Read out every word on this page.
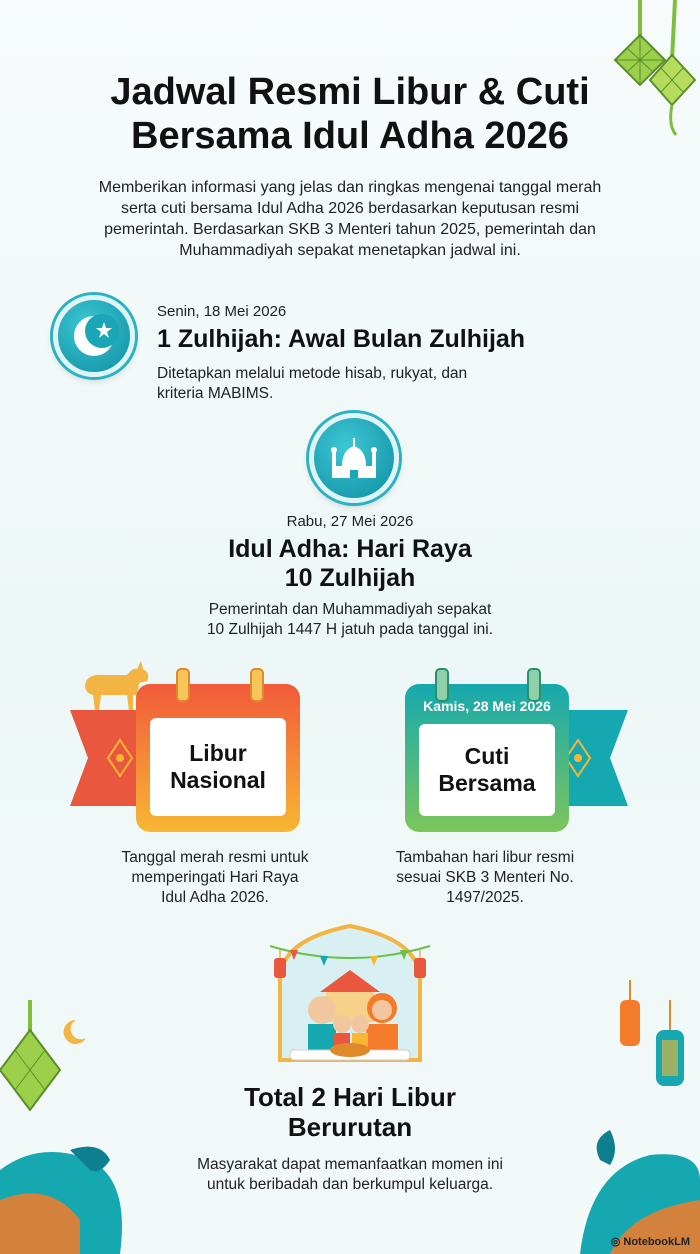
Jadwal Resmi Libur & Cuti
Bersama Idul Adha 2026
Memberikan informasi yang jelas dan ringkas mengenai tanggal merah
serta cuti bersama Idul Adha 2026 berdasarkan keputusan resmi
pemerintah. Berdasarkan SKB 3 Menteri tahun 2025, pemerintah dan
Muhammadiyah sepakat menetapkan jadwal ini.
Senin, 18 Mei 2026
1 Zulhijah: Awal Bulan Zulhijah
Ditetapkan melalui metode hisab, rukyat, dan
kriteria MABIMS.
Rabu, 27 Mei 2026
Idul Adha: Hari Raya
10 Zulhijah
Pemerintah dan Muhammadiyah sepakat
10 Zulhijah 1447 H jatuh pada tanggal ini.
Libur
Nasional
Tanggal merah resmi untuk
memperingati Hari Raya
Idul Adha 2026.
Kamis, 28 Mei 2026
Cuti
Bersama
Tambahan hari libur resmi
sesuai SKB 3 Menteri No.
1497/2025.
Total 2 Hari Libur
Berurutan
Masyarakat dapat memanfaatkan momen ini
untuk beribadah dan berkumpul keluarga.
◎ NotebookLM
